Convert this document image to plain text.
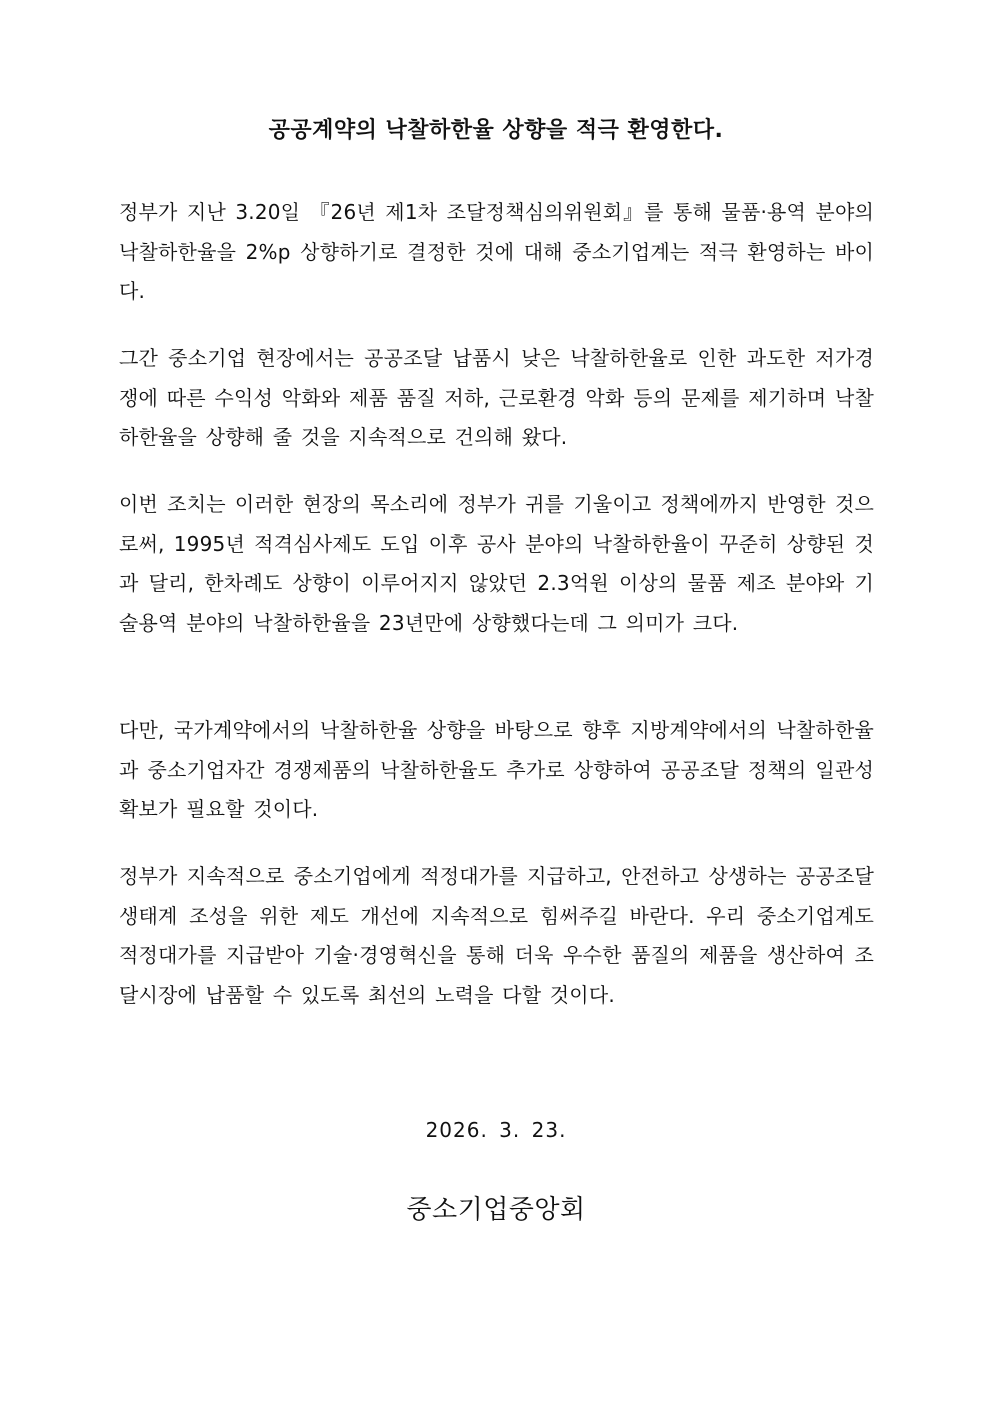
공공계약의 낙찰하한율 상향을 적극 환영한다.
정부가 지난 3.20일 『26년 제1차 조달정책심의위원회』를 통해 물품·용역 분야의 낙찰하한율을 2%p 상향하기로 결정한 것에 대해 중소기업계는 적극 환영하는 바이다.
그간 중소기업 현장에서는 공공조달 납품시 낮은 낙찰하한율로 인한 과도한 저가경쟁에 따른 수익성 악화와 제품 품질 저하, 근로환경 악화 등의 문제를 제기하며 낙찰하한율을 상향해 줄 것을 지속적으로 건의해 왔다.
이번 조치는 이러한 현장의 목소리에 정부가 귀를 기울이고 정책에까지 반영한 것으로써, 1995년 적격심사제도 도입 이후 공사 분야의 낙찰하한율이 꾸준히 상향된 것과 달리, 한차례도 상향이 이루어지지 않았던 2.3억원 이상의 물품 제조 분야와 기술용역 분야의 낙찰하한율을 23년만에 상향했다는데 그 의미가 크다.
다만, 국가계약에서의 낙찰하한율 상향을 바탕으로 향후 지방계약에서의 낙찰하한율과 중소기업자간 경쟁제품의 낙찰하한율도 추가로 상향하여 공공조달 정책의 일관성 확보가 필요할 것이다.
정부가 지속적으로 중소기업에게 적정대가를 지급하고, 안전하고 상생하는 공공조달 생태계 조성을 위한 제도 개선에 지속적으로 힘써주길 바란다. 우리 중소기업계도 적정대가를 지급받아 기술·경영혁신을 통해 더욱 우수한 품질의 제품을 생산하여 조달시장에 납품할 수 있도록 최선의 노력을 다할 것이다.
2026. 3. 23.
중소기업중앙회
